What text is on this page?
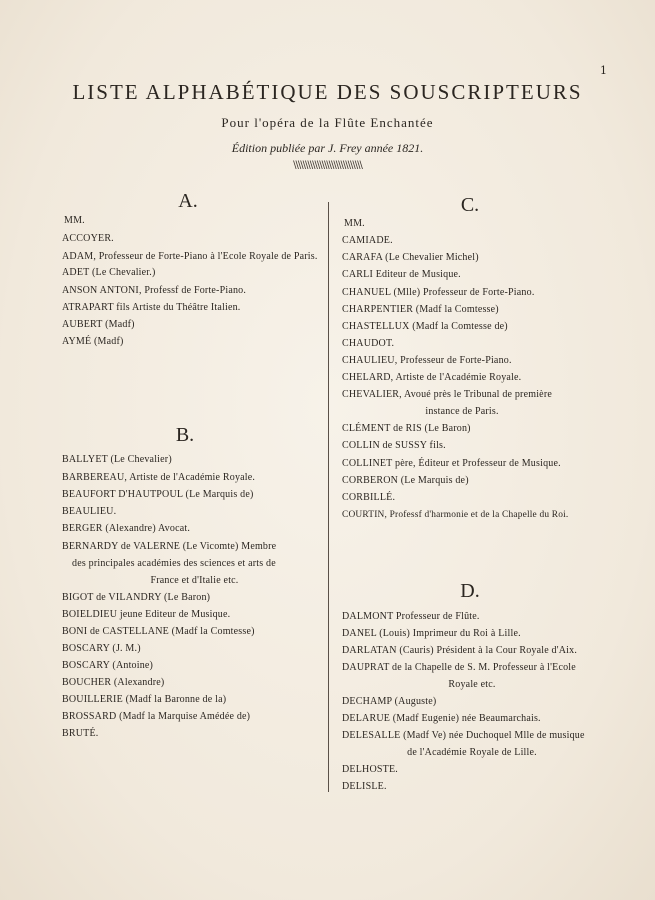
1
LISTE ALPHABÉTIQUE DES SOUSCRIPTEURS
Pour l'opéra de la Flûte Enchantée
Édition publiée par J. Frey année 1821.
\\\\\\\\\\\\\\\\\\\\\\\\\\\\\
A.
MM.
ACCOYER.
ADAM, Professeur de Forte-Piano à l'Ecole Royale de Paris.
ADET (Le Chevalier.)
ANSON ANTONI, Professf de Forte-Piano.
ATRAPART fils Artiste du Théâtre Italien.
AUBERT (Madf)
AYMÉ (Madf)
B.
BALLYET (Le Chevalier)
BARBEREAU, Artiste de l'Académie Royale.
BEAUFORT D'HAUTPOUL (Le Marquis de)
BEAULIEU.
BERGER (Alexandre) Avocat.
BERNARDY de VALERNE (Le Vicomte) Membre
des principales académies des sciences et arts de
France et d'Italie etc.
BIGOT de VILANDRY (Le Baron)
BOIELDIEU jeune Editeur de Musique.
BONI de CASTELLANE (Madf la Comtesse)
BOSCARY (J. M.)
BOSCARY (Antoine)
BOUCHER (Alexandre)
BOUILLERIE (Madf la Baronne de la)
BROSSARD (Madf la Marquise Amédée de)
BRUTÉ.
C.
MM.
CAMIADE.
CARAFA (Le Chevalier Michel)
CARLI Editeur de Musique.
CHANUEL (Mlle) Professeur de Forte-Piano.
CHARPENTIER (Madf la Comtesse)
CHASTELLUX (Madf la Comtesse de)
CHAUDOT.
CHAULIEU, Professeur de Forte-Piano.
CHELARD, Artiste de l'Académie Royale.
CHEVALIER, Avoué près le Tribunal de première
instance de Paris.
CLÉMENT de RIS (Le Baron)
COLLIN de SUSSY fils.
COLLINET père, Éditeur et Professeur de Musique.
CORBERON (Le Marquis de)
CORBILLÉ.
COURTIN, Professf d'harmonie et de la Chapelle du Roi.
D.
DALMONT Professeur de Flûte.
DANEL (Louis) Imprimeur du Roi à Lille.
DARLATAN (Cauris) Président à la Cour Royale d'Aix.
DAUPRAT de la Chapelle de S. M. Professeur à l'Ecole
Royale etc.
DECHAMP (Auguste)
DELARUE (Madf Eugenie) née Beaumarchais.
DELESALLE (Madf Ve) née Duchoquel Mlle de musique
de l'Académie Royale de Lille.
DELHOSTE.
DELISLE.
